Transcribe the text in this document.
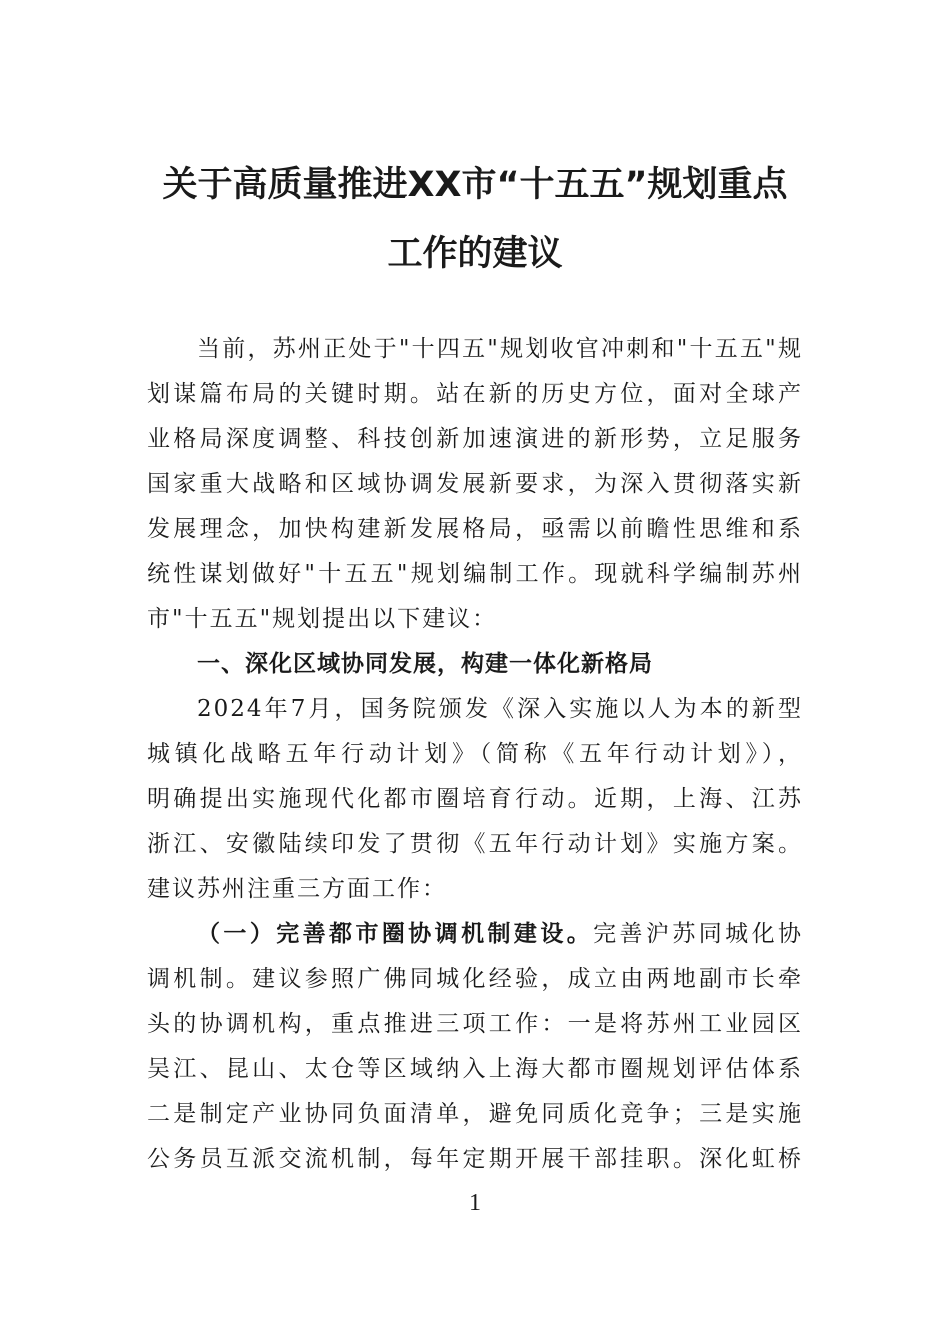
关于高质量推进XX市“十五五”规划重点
工作的建议
当前，苏州正处于"十四五"规划收官冲刺和"十五五"规
划谋篇布局的关键时期。站在新的历史方位，面对全球产
业格局深度调整、科技创新加速演进的新形势，立足服务
国家重大战略和区域协调发展新要求，为深入贯彻落实新
发展理念，加快构建新发展格局，亟需以前瞻性思维和系
统性谋划做好"十五五"规划编制工作。现就科学编制苏州
市"十五五"规划提出以下建议：
一、深化区域协同发展，构建一体化新格局
2024年7月，国务院颁发《深入实施以人为本的新型
城镇化战略五年行动计划》（简称《五年行动计划》），
明确提出实施现代化都市圈培育行动。近期，上海、江苏
浙江、安徽陆续印发了贯彻《五年行动计划》实施方案。
建议苏州注重三方面工作：
（一）完善都市圈协调机制建设。完善沪苏同城化协
调机制。建议参照广佛同城化经验，成立由两地副市长牵
头的协调机构，重点推进三项工作：一是将苏州工业园区
吴江、昆山、太仓等区域纳入上海大都市圈规划评估体系
二是制定产业协同负面清单，避免同质化竞争；三是实施
公务员互派交流机制，每年定期开展干部挂职。深化虹桥
1
